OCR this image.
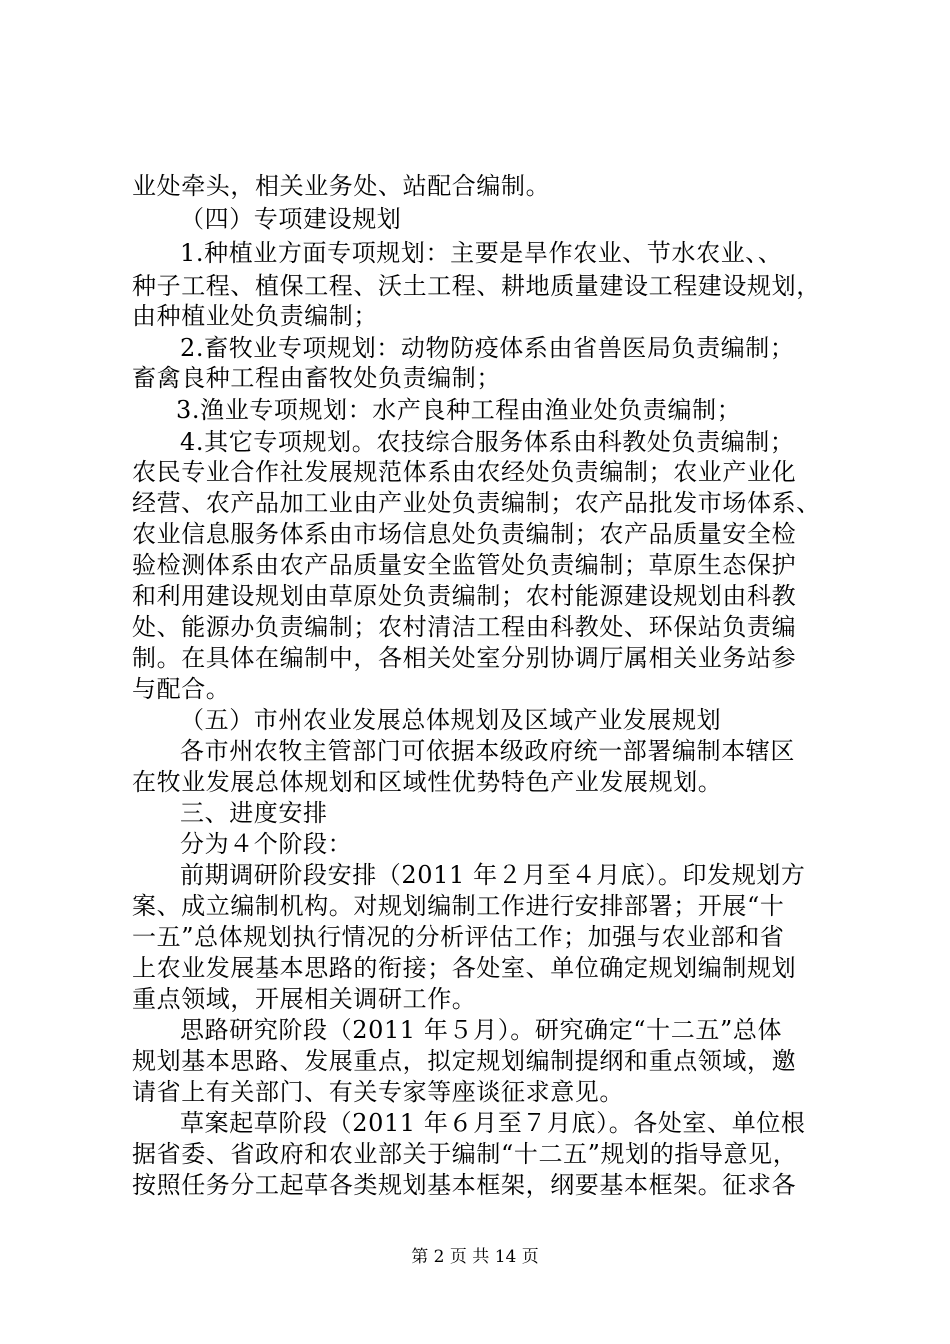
业处牵头，相关业务处、站配合编制。
（四）专项建设规划
1.种植业方面专项规划：主要是旱作农业、节水农业、、
种子工程、植保工程、沃土工程、耕地质量建设工程建设规划，
由种植业处负责编制；
2.畜牧业专项规划：动物防疫体系由省兽医局负责编制；
畜禽良种工程由畜牧处负责编制；
3.渔业专项规划：水产良种工程由渔业处负责编制；
4.其它专项规划。农技综合服务体系由科教处负责编制；
农民专业合作社发展规范体系由农经处负责编制；农业产业化
经营、农产品加工业由产业处负责编制；农产品批发市场体系、
农业信息服务体系由市场信息处负责编制；农产品质量安全检
验检测体系由农产品质量安全监管处负责编制；草原生态保护
和利用建设规划由草原处负责编制；农村能源建设规划由科教
处、能源办负责编制；农村清洁工程由科教处、环保站负责编
制。在具体在编制中，各相关处室分别协调厅属相关业务站参
与配合。
（五）市州农业发展总体规划及区域产业发展规划
各市州农牧主管部门可依据本级政府统一部署编制本辖区
在牧业发展总体规划和区域性优势特色产业发展规划。
三、进度安排
分为４个阶段：
前期调研阶段安排（2011 年２月至４月底）。印发规划方
案、成立编制机构。对规划编制工作进行安排部署；开展“十
一五”总体规划执行情况的分析评估工作；加强与农业部和省
上农业发展基本思路的衔接；各处室、单位确定规划编制规划
重点领域，开展相关调研工作。
思路研究阶段（2011 年５月）。研究确定“十二五”总体
规划基本思路、发展重点，拟定规划编制提纲和重点领域，邀
请省上有关部门、有关专家等座谈征求意见。
草案起草阶段（2011 年６月至７月底）。各处室、单位根
据省委、省政府和农业部关于编制“十二五”规划的指导意见，
按照任务分工起草各类规划基本框架，纲要基本框架。征求各
第 2 页 共 14 页
